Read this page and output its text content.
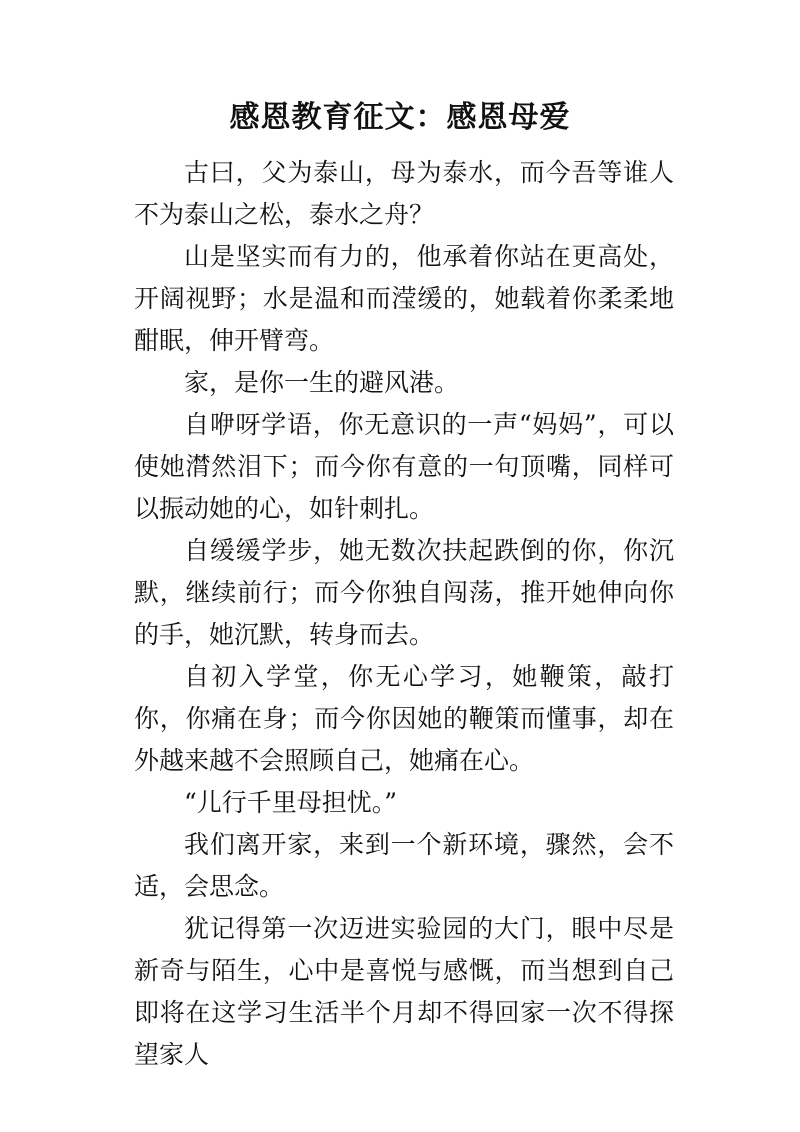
感恩教育征文：感恩母爱

古曰，父为泰山，母为泰水，而今吾等谁人不为泰山之松，泰水之舟？

山是坚实而有力的，他承着你站在更高处，开阔视野；水是温和而滢缓的，她载着你柔柔地酣眠，伸开臂弯。

家，是你一生的避风港。

自咿呀学语，你无意识的一声“妈妈”，可以使她潸然泪下；而今你有意的一句顶嘴，同样可以振动她的心，如针刺扎。

自缓缓学步，她无数次扶起跌倒的你，你沉默，继续前行；而今你独自闯荡，推开她伸向你的手，她沉默，转身而去。

自初入学堂，你无心学习，她鞭策，敲打你，你痛在身；而今你因她的鞭策而懂事，却在外越来越不会照顾自己，她痛在心。

“儿行千里母担忧。”

我们离开家，来到一个新环境，骤然，会不适，会思念。

犹记得第一次迈进实验园的大门，眼中尽是新奇与陌生，心中是喜悦与感慨，而当想到自己即将在这学习生活半个月却不得回家一次不得探望家人
